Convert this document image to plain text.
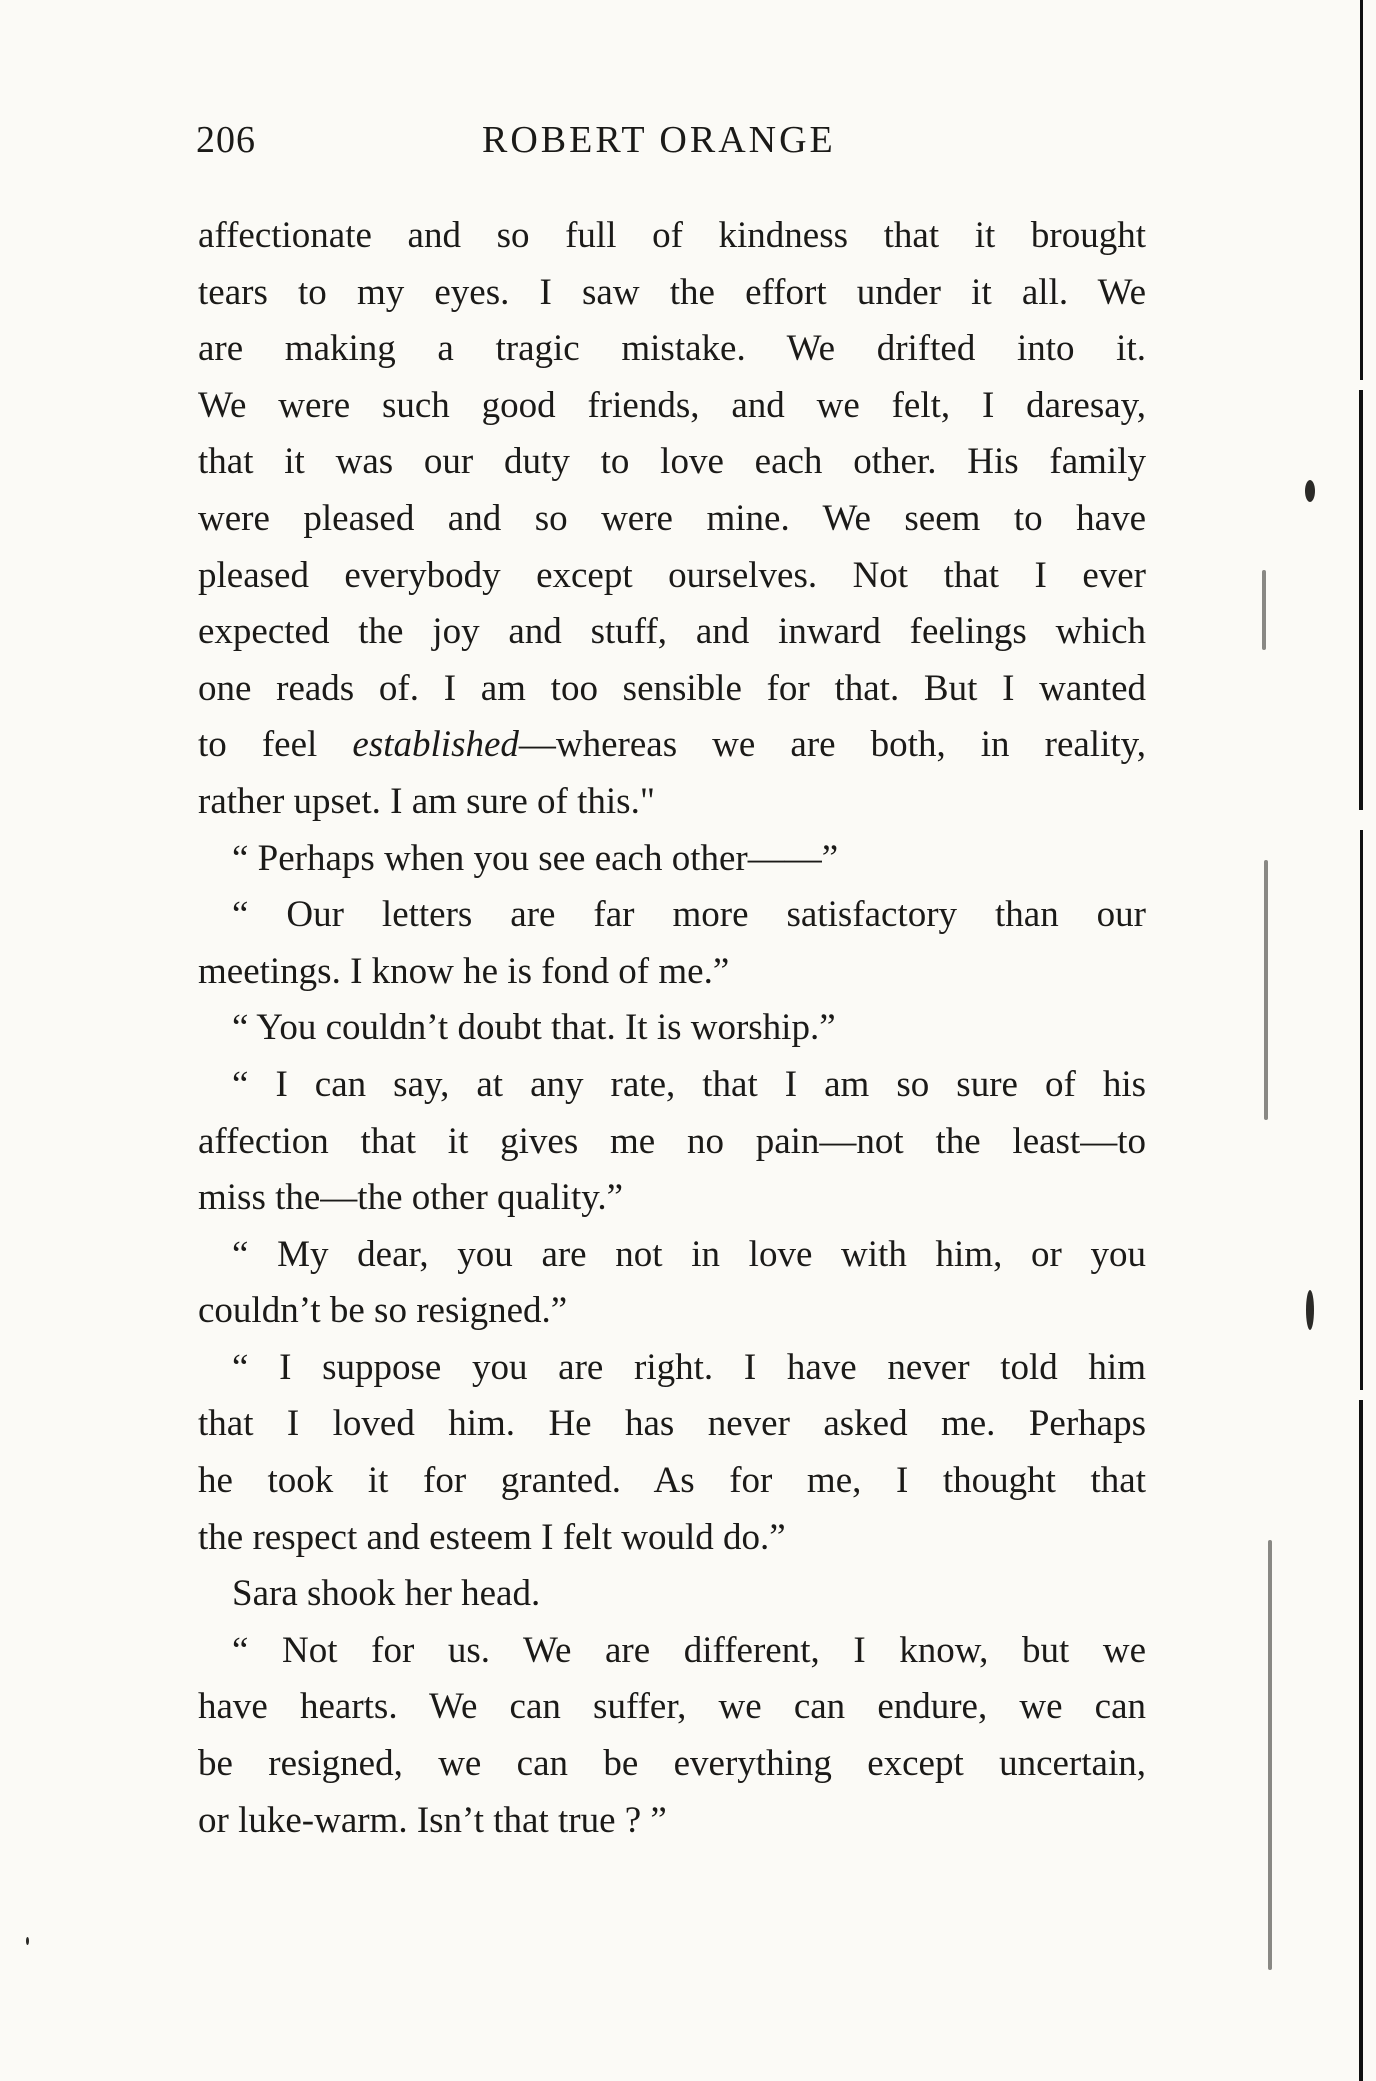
206	ROBERT ORANGE
affectionate and so full of kindness that it brought
tears to my eyes. I saw the effort under it all. We
are making a tragic mistake. We drifted into it.
We were such good friends, and we felt, I daresay,
that it was our duty to love each other. His family
were pleased and so were mine. We seem to have
pleased everybody except ourselves. Not that I ever
expected the joy and stuff, and inward feelings which
one reads of. I am too sensible for that. But I wanted
to feel established—whereas we are both, in reality,
rather upset. I am sure of this."
“ Perhaps when you see each other——”
“ Our letters are far more satisfactory than our
meetings. I know he is fond of me.”
“ You couldn’t doubt that. It is worship.”
“ I can say, at any rate, that I am so sure of his
affection that it gives me no pain—not the least—to
miss the—the other quality.”
“ My dear, you are not in love with him, or you
couldn’t be so resigned.”
“ I suppose you are right. I have never told him
that I loved him. He has never asked me. Perhaps
he took it for granted. As for me, I thought that
the respect and esteem I felt would do.”
Sara shook her head.
“ Not for us. We are different, I know, but we
have hearts. We can suffer, we can endure, we can
be resigned, we can be everything except uncertain,
or luke-warm. Isn’t that true ? ”
